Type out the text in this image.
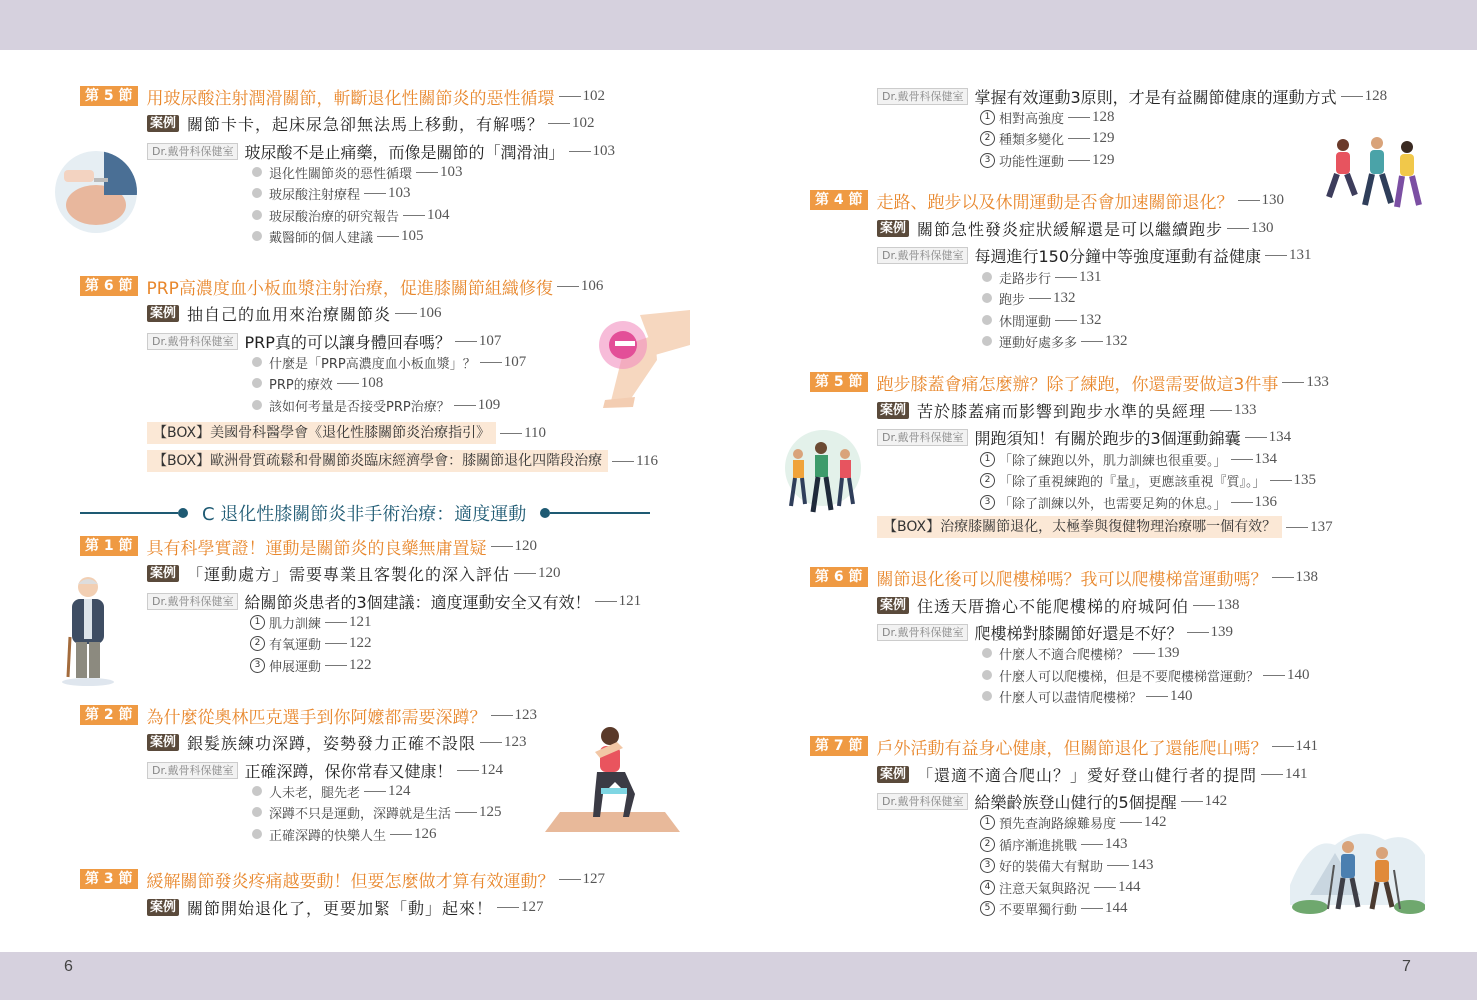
6	7
第 5 節 用玻尿酸注射潤滑關節，斬斷退化性關節炎的惡性循環 102
案例 關節卡卡，起床尿急卻無法馬上移動，有解嗎？ 102
Dr.戴骨科保健室 玻尿酸不是止痛藥，而像是關節的「潤滑油」 103
退化性關節炎的惡性循環 103
玻尿酸注射療程 103
玻尿酸治療的研究報告 104
戴醫師的個人建議 105
第 6 節 PRP高濃度血小板血漿注射治療，促進膝關節組織修復 106
案例 抽自己的血用來治療關節炎 106
Dr.戴骨科保健室 PRP真的可以讓身體回春嗎？ 107
什麼是「PRP高濃度血小板血漿」？ 107
PRP的療效 108
該如何考量是否接受PRP治療？ 109
【BOX】美國骨科醫學會《退化性膝關節炎治療指引》	110
【BOX】歐洲骨質疏鬆和骨關節炎臨床經濟學會：膝關節退化四階段治療	116
C 退化性膝關節炎非手術治療：適度運動
第 1 節 具有科學實證！運動是關節炎的良藥無庸置疑 120
案例 「運動處方」需要專業且客製化的深入評估 120
Dr.戴骨科保健室 給關節炎患者的3個建議：適度運動安全又有效！ 121
1 肌力訓練 121
2 有氧運動 122
3 伸展運動 122
第 2 節 為什麼從奧林匹克選手到你阿嬤都需要深蹲？ 123
案例 銀髮族練功深蹲，姿勢發力正確不設限 123
Dr.戴骨科保健室 正確深蹲，保你常春又健康！ 124
人未老，腿先老 124
深蹲不只是運動，深蹲就是生活 125
正確深蹲的快樂人生 126
第 3 節 緩解關節發炎疼痛越要動！但要怎麼做才算有效運動？ 127
案例 關節開始退化了，更要加緊「動」起來！ 127
Dr.戴骨科保健室 掌握有效運動3原則，才是有益關節健康的運動方式 128
1 相對高強度 128
2 種類多變化 129
3 功能性運動 129
第 4 節 走路、跑步以及休閒運動是否會加速關節退化？ 130
案例 關節急性發炎症狀緩解還是可以繼續跑步 130
Dr.戴骨科保健室 每週進行150分鐘中等強度運動有益健康 131
走路步行 131
跑步 132
休閒運動 132
運動好處多多 132
第 5 節 跑步膝蓋會痛怎麼辦？除了練跑，你還需要做這3件事 133
案例 苦於膝蓋痛而影響到跑步水準的吳經理 133
Dr.戴骨科保健室 開跑須知！有關於跑步的3個運動錦囊 134
1 「除了練跑以外，肌力訓練也很重要。」 134
2 「除了重視練跑的『量』，更應該重視『質』。」 135
3 「除了訓練以外，也需要足夠的休息。」 136
【BOX】治療膝關節退化，太極拳與復健物理治療哪一個有效？	137
第 6 節 關節退化後可以爬樓梯嗎？我可以爬樓梯當運動嗎？ 138
案例 住透天厝擔心不能爬樓梯的府城阿伯 138
Dr.戴骨科保健室 爬樓梯對膝關節好還是不好？ 139
什麼人不適合爬樓梯？ 139
什麼人可以爬樓梯，但是不要爬樓梯當運動？ 140
什麼人可以盡情爬樓梯？ 140
第 7 節 戶外活動有益身心健康，但關節退化了還能爬山嗎？ 141
案例 「還適不適合爬山？」愛好登山健行者的提問 141
Dr.戴骨科保健室 給樂齡族登山健行的5個提醒 142
1 預先查詢路線難易度 142
2 循序漸進挑戰 143
3 好的裝備大有幫助 143
4 注意天氣與路況 144
5 不要單獨行動 144
